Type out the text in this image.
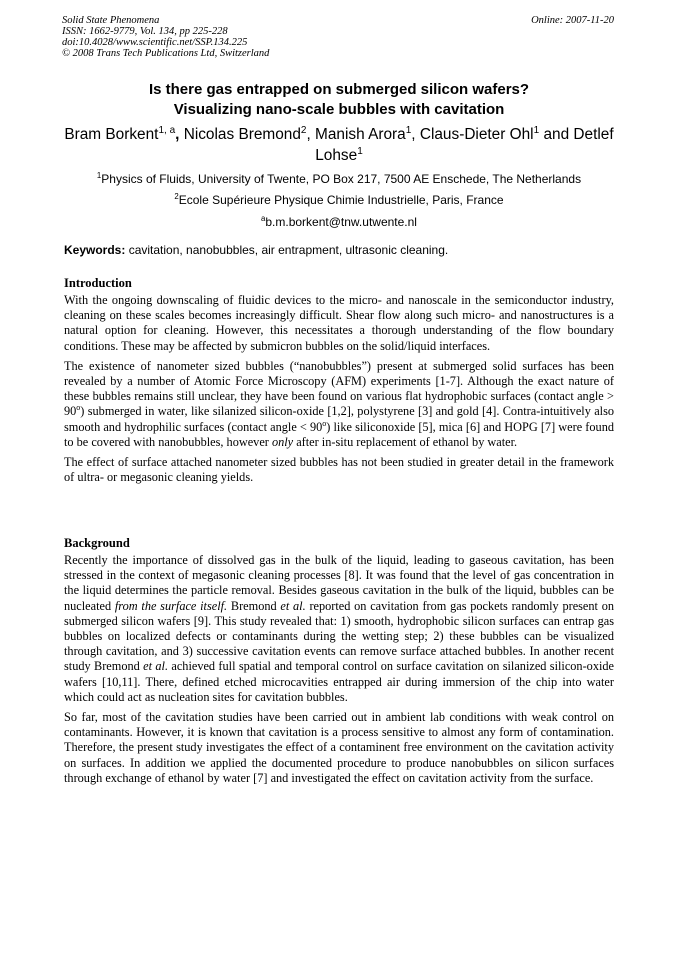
Solid State Phenomena
ISSN: 1662-9779, Vol. 134, pp 225-228
doi:10.4028/www.scientific.net/SSP.134.225
© 2008 Trans Tech Publications Ltd, Switzerland
Online: 2007-11-20
Is there gas entrapped on submerged silicon wafers?
Visualizing nano-scale bubbles with cavitation
Bram Borkent$^{1, a}$, Nicolas Bremond$^2$, Manish Arora$^1$, Claus-Dieter Ohl$^1$ and Detlef Lohse$^1$
$^1$Physics of Fluids, University of Twente, PO Box 217, 7500 AE Enschede, The Netherlands
$^2$Ecole Supérieure Physique Chimie Industrielle, Paris, France
$^a$b.m.borkent@tnw.utwente.nl
Keywords: cavitation, nanobubbles, air entrapment, ultrasonic cleaning.
Introduction

With the ongoing downscaling of fluidic devices to the micro- and nanoscale in the semiconductor industry, cleaning on these scales becomes increasingly difficult. Shear flow along such micro- and nanostructures is a natural option for cleaning. However, this necessitates a thorough understanding of the flow boundary conditions. These may be affected by submicron bubbles on the solid/liquid interfaces.

The existence of nanometer sized bubbles (“nanobubbles”) present at submerged solid surfaces has been revealed by a number of Atomic Force Microscopy (AFM) experiments [1-7]. Although the exact nature of these bubbles remains still unclear, they have been found on various flat hydrophobic surfaces (contact angle > $90^o$) submerged in water, like silanized silicon-oxide [1,2], polystyrene [3] and gold [4]. Contra-intuitively also smooth and hydrophilic surfaces (contact angle < $90^o$) like siliconoxide [5], mica [6] and HOPG [7] were found to be covered with nanobubbles, however only after in-situ replacement of ethanol by water.

The effect of surface attached nanometer sized bubbles has not been studied in greater detail in the framework of ultra- or megasonic cleaning yields.

Background

Recently the importance of dissolved gas in the bulk of the liquid, leading to gaseous cavitation, has been stressed in the context of megasonic cleaning processes [8]. It was found that the level of gas concentration in the liquid determines the particle removal. Besides gaseous cavitation in the bulk of the liquid, bubbles can be nucleated from the surface itself. Bremond et al. reported on cavitation from gas pockets randomly present on submerged silicon wafers [9]. This study revealed that: 1) smooth, hydrophobic silicon surfaces can entrap gas bubbles on localized defects or contaminants during the wetting step; 2) these bubbles can be visualized through cavitation, and 3) successive cavitation events can remove surface attached bubbles. In another recent study Bremond et al. achieved full spatial and temporal control on surface cavitation on silanized silicon-oxide wafers [10,11]. There, defined etched microcavities entrapped air during immersion of the chip into water which could act as nucleation sites for cavitation bubbles.

So far, most of the cavitation studies have been carried out in ambient lab conditions with weak control on contaminants. However, it is known that cavitation is a process sensitive to almost any form of contamination. Therefore, the present study investigates the effect of a contaminent free environment on the cavitation activity on surfaces. In addition we applied the documented procedure to produce nanobubbles on silicon surfaces through exchange of ethanol by water [7] and investigated the effect on cavitation activity from the surface.
